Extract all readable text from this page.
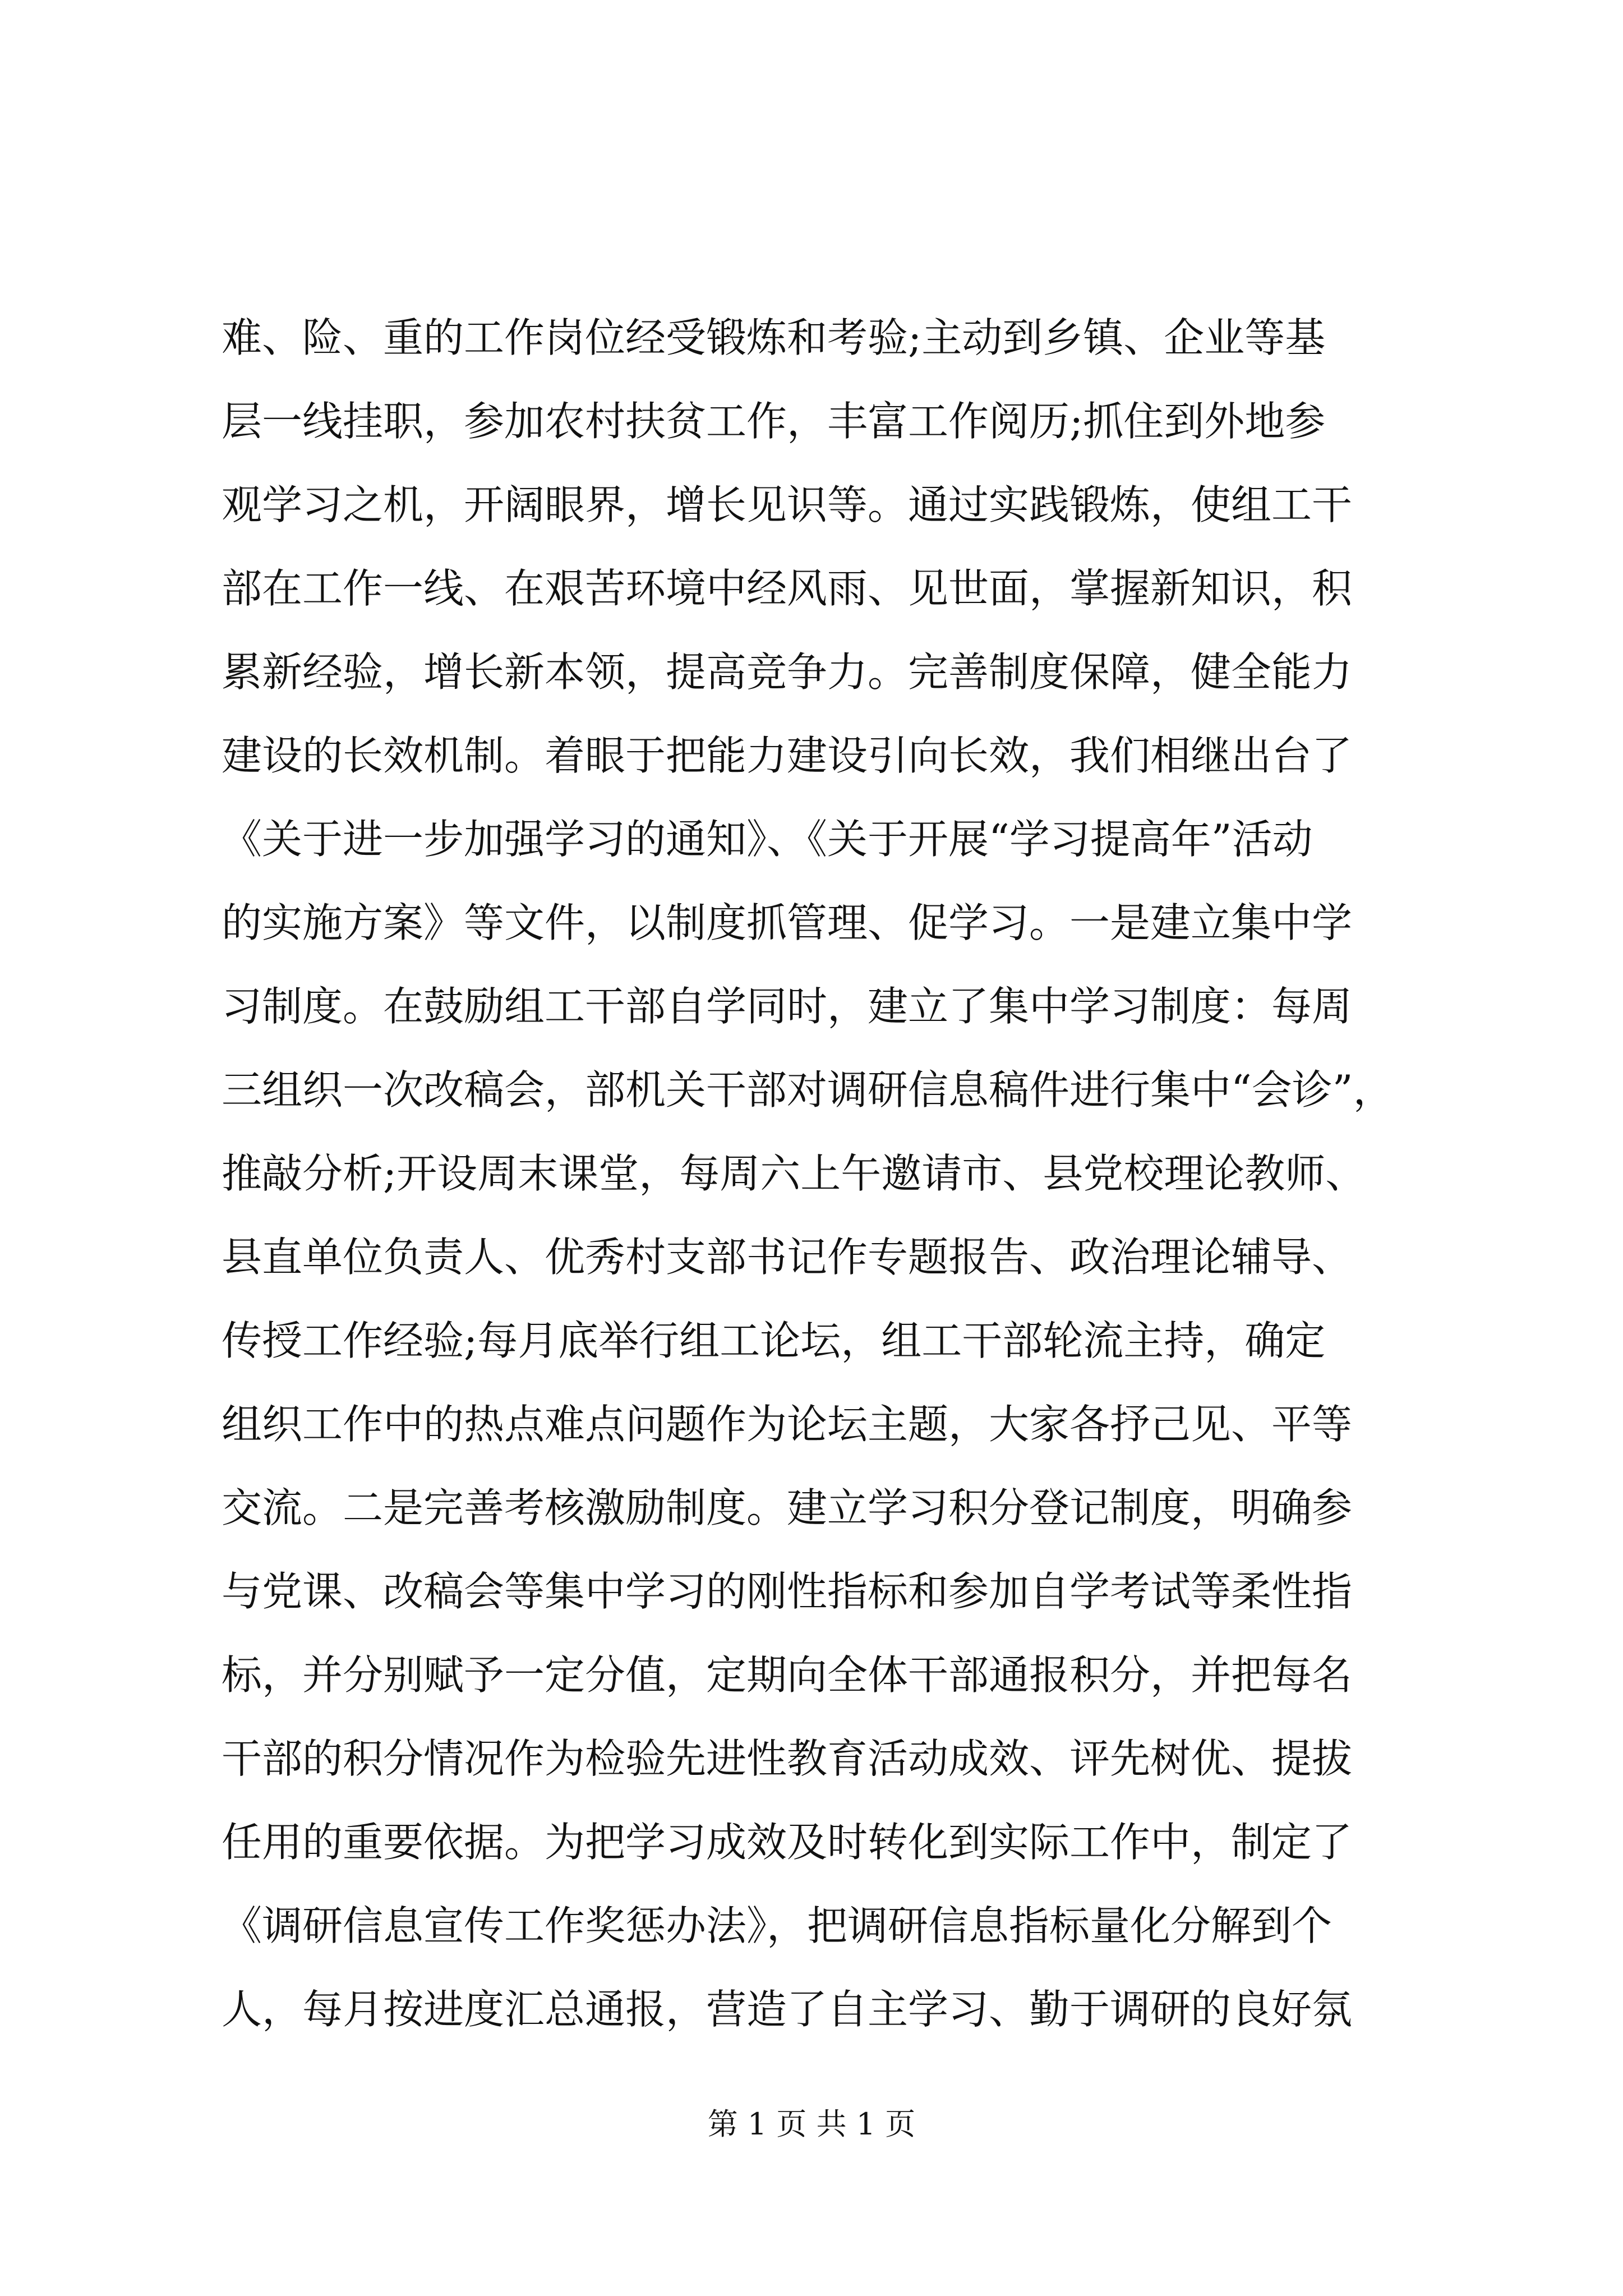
难、险、重的工作岗位经受锻炼和考验;主动到乡镇、企业等基
层一线挂职，参加农村扶贫工作，丰富工作阅历;抓住到外地参
观学习之机，开阔眼界，增长见识等。通过实践锻炼，使组工干
部在工作一线、在艰苦环境中经风雨、见世面，掌握新知识，积
累新经验，增长新本领，提高竞争力。完善制度保障，健全能力
建设的长效机制。着眼于把能力建设引向长效，我们相继出台了
《关于进一步加强学习的通知》、《关于开展“学习提高年”活动
的实施方案》等文件，以制度抓管理、促学习。一是建立集中学
习制度。在鼓励组工干部自学同时，建立了集中学习制度：每周
三组织一次改稿会，部机关干部对调研信息稿件进行集中“会诊”，
推敲分析;开设周末课堂，每周六上午邀请市、县党校理论教师、
县直单位负责人、优秀村支部书记作专题报告、政治理论辅导、
传授工作经验;每月底举行组工论坛，组工干部轮流主持，确定
组织工作中的热点难点问题作为论坛主题，大家各抒己见、平等
交流。二是完善考核激励制度。建立学习积分登记制度，明确参
与党课、改稿会等集中学习的刚性指标和参加自学考试等柔性指
标，并分别赋予一定分值，定期向全体干部通报积分，并把每名
干部的积分情况作为检验先进性教育活动成效、评先树优、提拔
任用的重要依据。为把学习成效及时转化到实际工作中，制定了
《调研信息宣传工作奖惩办法》，把调研信息指标量化分解到个
人，每月按进度汇总通报，营造了自主学习、勤于调研的良好氛
第 1 页 共 1 页
